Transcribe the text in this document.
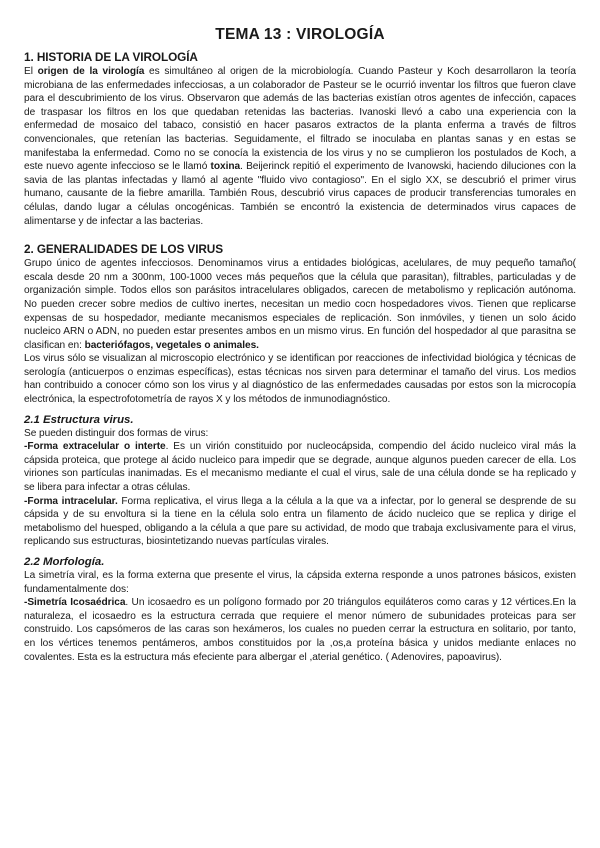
TEMA 13 : VIROLOGÍA
1. HISTORIA DE LA VIROLOGÍA

El origen de la virología es simultáneo al origen de la microbiología. Cuando Pasteur y Koch desarrollaron la teoría microbiana de las enfermedades infecciosas, a un colaborador de Pasteur se le ocurrió inventar los filtros que fueron clave para el descubrimiento de los virus. Observaron que además de las bacterias existían otros agentes de infección, capaces de traspasar los filtros en los que quedaban retenidas las bacterias. Ivanoski llevó a cabo una experiencia con la enfermedad de mosaico del tabaco, consistió en hacer pasaros extractos de la planta enferma a través de filtros convencionales, que retenían las bacterias. Seguidamente, el filtrado se inoculaba en plantas sanas y en estas se manifestaba la enfermedad. Como no se conocía la existencia de los virus y no se cumplieron los postulados de Koch, a este nuevo agente infeccioso se le llamó toxina. Beijerinck repitió el experimento de Ivanowski, haciendo diluciones con la savia de las plantas infectadas y llamó al agente "fluido vivo contagioso". En el siglo XX, se descubrió el primer virus humano, causante de la fiebre amarilla. También Rous, descubrió virus capaces de producir transferencias tumorales en células, dando lugar a células oncogénicas. También se encontró la existencia de determinados virus capaces de alimentarse y de infectar a las bacterias.

2. GENERALIDADES DE LOS VIRUS

Grupo único de agentes infecciosos. Denominamos virus a entidades biológicas, acelulares, de muy pequeño tamaño( escala desde 20 nm a 300nm, 100-1000 veces más pequeños que la célula que parasitan), filtrables, particuladas y de organización simple. Todos ellos son parásitos intracelulares obligados, carecen de metabolismo y replicación autónoma. No pueden crecer sobre medios de cultivo inertes, necesitan un medio cocn hospedadores vivos. Tienen que replicarse expensas de su hospedador, mediante mecanismos especiales de replicación. Son inmóviles, y tienen un solo ácido nucleico ARN o ADN, no pueden estar presentes ambos en un mismo virus. En función del hospedador al que parasitna se clasifican en: bacteriófagos, vegetales o animales.

Los virus sólo se visualizan al microscopio electrónico y se identifican por reacciones de infectividad biológica y técnicas de serología (anticuerpos o enzimas específicas), estas técnicas nos sirven para determinar el tamaño del virus. Los medios han contribuido a conocer cómo son los virus y al diagnóstico de las enfermedades causadas por estos son la microcopía electrónica, la espectrofotometría de rayos X y los métodos de inmunodiagnóstico.

2.1 Estructura virus.

Se pueden distinguir dos formas de virus:

-Forma extracelular o interte. Es un virión constituido por nucleocápsida, compendio del ácido nucleico viral más la cápsida proteica, que protege al ácido nucleico para impedir que se degrade, aunque algunos pueden carecer de ella. Los viriones son partículas inanimadas. Es el mecanismo mediante el cual el virus, sale de una célula donde se ha replicado y se libera para infectar a otras células.

-Forma intracelular. Forma replicativa, el virus llega a la célula a la que va a infectar, por lo general se desprende de su cápsida y de su envoltura si la tiene en la célula solo entra un filamento de ácido nucleico que se replica y dirige el metabolismo del huesped, obligando a la célula a que pare su actividad, de modo que trabaja exclusivamente para el virus, replicando sus estructuras, biosintetizando nuevas partículas virales.

2.2 Morfología.

La simetría viral, es la forma externa que presente el virus, la cápsida externa responde a unos patrones básicos, existen fundamentalmente dos:

-Simetría Icosaédrica. Un icosaedro es un polígono formado por 20 triángulos equiláteros como caras y 12 vértices.En la naturaleza, el icosaedro es la estructura cerrada que requiere el menor número de subunidades proteicas para ser construido. Los capsómeros de las caras son hexámeros, los cuales no pueden cerrar la estructura en solitario, por tanto, en los vértices tenemos pentámeros, ambos constituidos por la ,os,a proteína básica y unidos mediante enlaces no covalentes. Esta es la estructura más efeciente para albergar el ,aterial genético. ( Adenovires, papoavirus).
